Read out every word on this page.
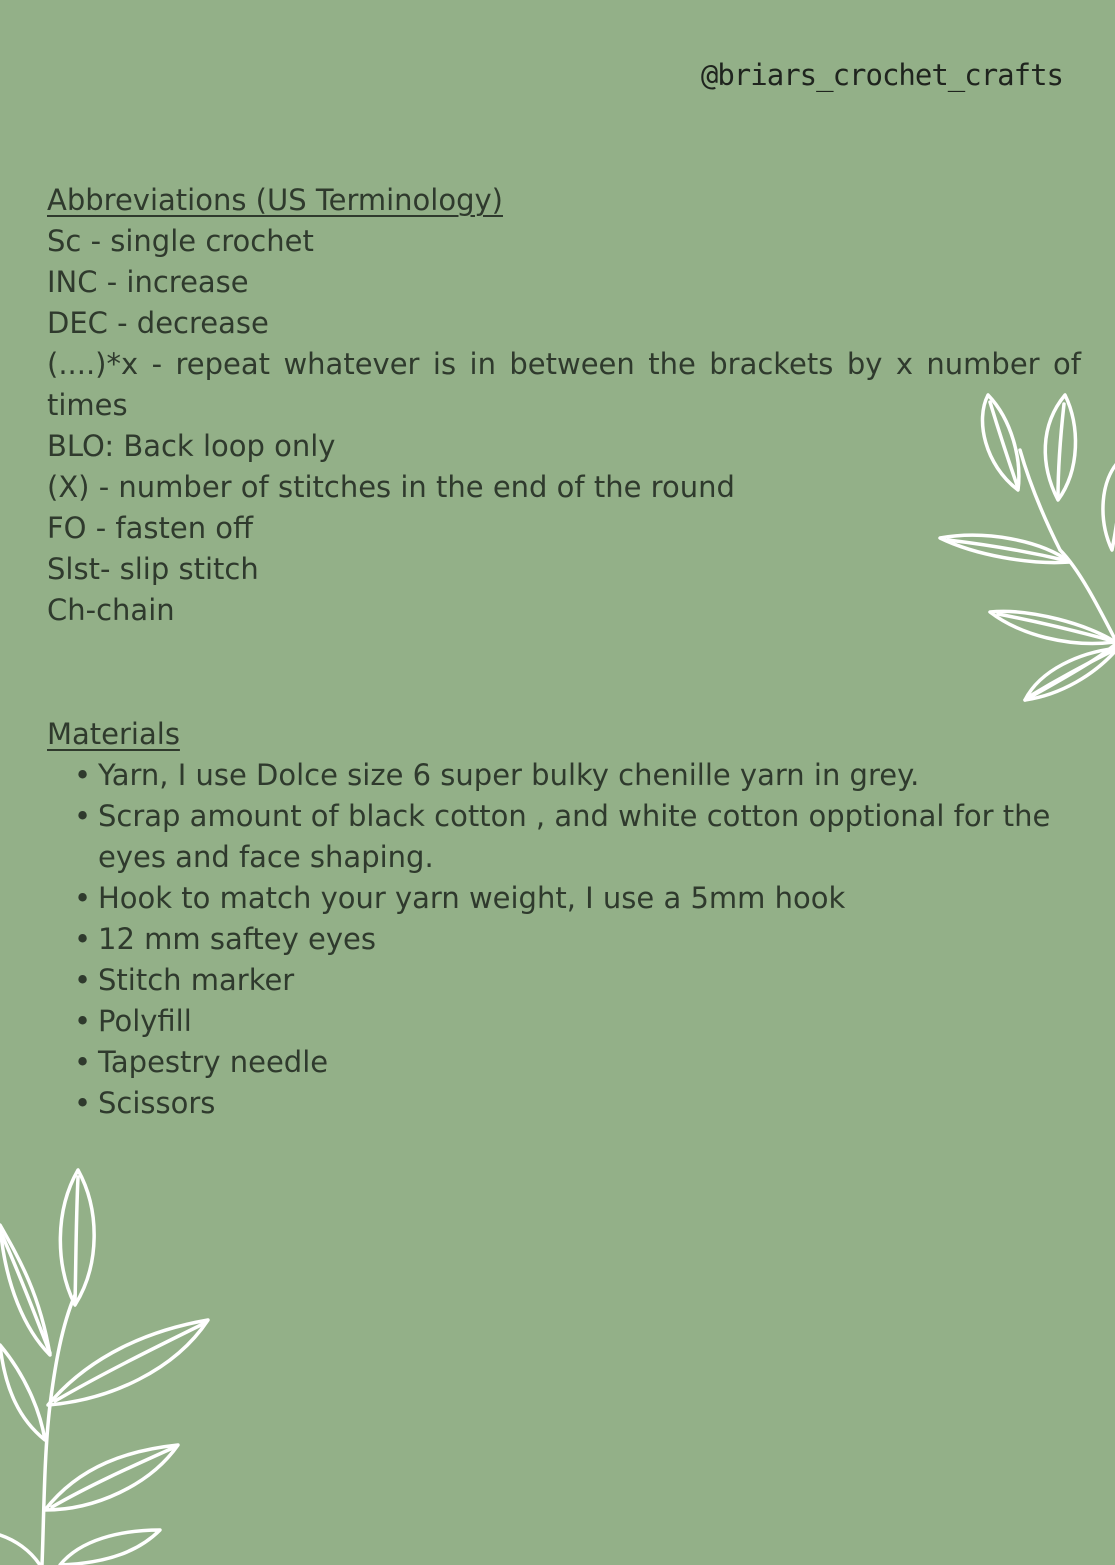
@briars_crochet_crafts
Abbreviations (US Terminology)
Sc - single crochet
INC - increase
DEC - decrease
(....)*x - repeat whatever is in between the brackets by x number of times
BLO: Back loop only
(X) - number of stitches in the end of the round
FO - fasten off
Slst- slip stitch
Ch-chain
Materials
• Yarn, I use Dolce size 6 super bulky chenille yarn in grey.
• Scrap amount of black cotton , and white cotton opptional for the eyes and face shaping.
• Hook to match your yarn weight, I use a 5mm hook
• 12 mm saftey eyes
• Stitch marker
• Polyfill
• Tapestry needle
• Scissors
